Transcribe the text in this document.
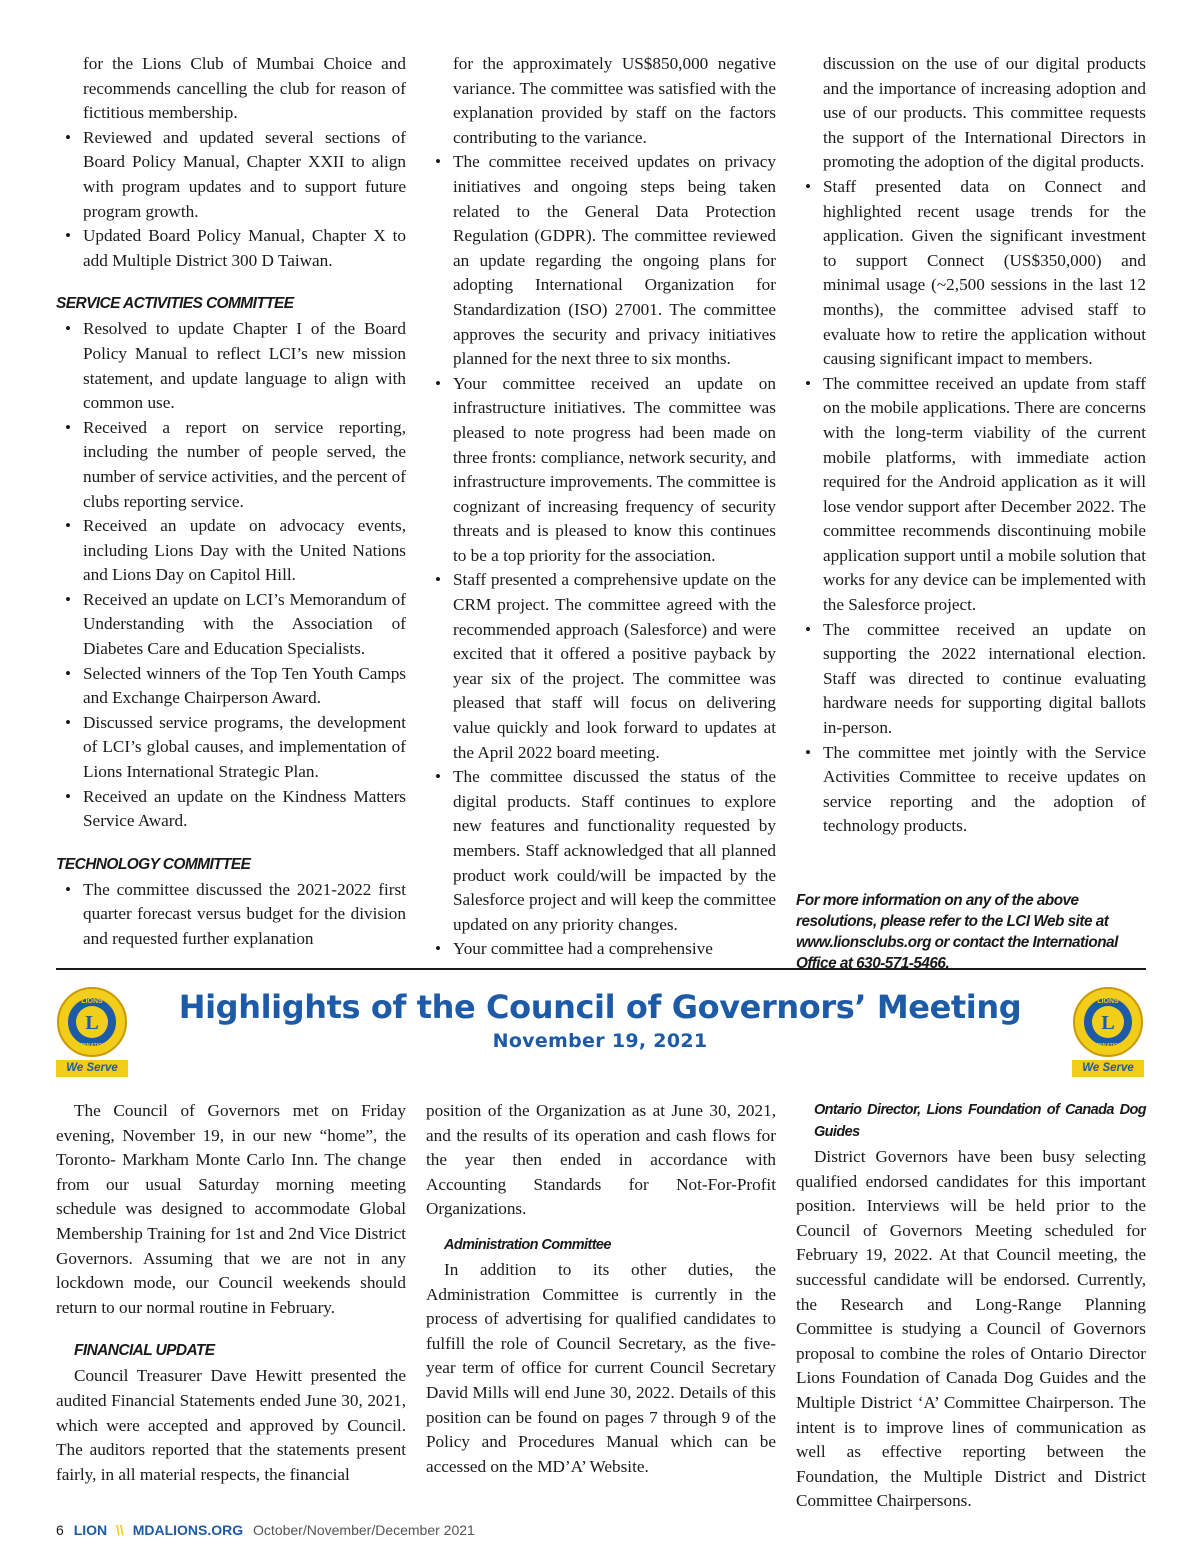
for the Lions Club of Mumbai Choice and recommends cancelling the club for reason of fictitious membership.

• Reviewed and updated several sections of Board Policy Manual, Chapter XXII to align with program updates and to support future program growth.
• Updated Board Policy Manual, Chapter X to add Multiple District 300 D Taiwan.
SERVICE ACTIVITIES COMMITTEE
• Resolved to update Chapter I of the Board Policy Manual to reflect LCI’s new mission statement, and update language to align with common use.
• Received a report on service reporting, including the number of people served, the number of service activities, and the percent of clubs reporting service.
• Received an update on advocacy events, including Lions Day with the United Nations and Lions Day on Capitol Hill.
• Received an update on LCI’s Memorandum of Understanding with the Association of Diabetes Care and Education Specialists.
• Selected winners of the Top Ten Youth Camps and Exchange Chairperson Award.
• Discussed service programs, the development of LCI’s global causes, and implementation of Lions International Strategic Plan.
• Received an update on the Kindness Matters Service Award.
TECHNOLOGY COMMITTEE
• The committee discussed the 2021-2022 first quarter forecast versus budget for the division and requested further explanation

for the approximately US$850,000 negative variance. The committee was satisfied with the explanation provided by staff on the factors contributing to the variance.

• The committee received updates on privacy initiatives and ongoing steps being taken related to the General Data Protection Regulation (GDPR). The committee reviewed an update regarding the ongoing plans for adopting International Organization for Standardization (ISO) 27001. The committee approves the security and privacy initiatives planned for the next three to six months.
• Your committee received an update on infrastructure initiatives. The committee was pleased to note progress had been made on three fronts: compliance, network security, and infrastructure improvements. The committee is cognizant of increasing frequency of security threats and is pleased to know this continues to be a top priority for the association.
• Staff presented a comprehensive update on the CRM project. The committee agreed with the recommended approach (Salesforce) and were excited that it offered a positive payback by year six of the project. The committee was pleased that staff will focus on delivering value quickly and look forward to updates at the April 2022 board meeting.
• The committee discussed the status of the digital products. Staff continues to explore new features and functionality requested by members. Staff acknowledged that all planned product work could/will be impacted by the Salesforce project and will keep the committee updated on any priority changes.
• Your committee had a comprehensive

discussion on the use of our digital products and the importance of increasing adoption and use of our products. This committee requests the support of the International Directors in promoting the adoption of the digital products.

• Staff presented data on Connect and highlighted recent usage trends for the application. Given the significant investment to support Connect (US$350,000) and minimal usage (~2,500 sessions in the last 12 months), the committee advised staff to evaluate how to retire the application without causing significant impact to members.
• The committee received an update from staff on the mobile applications. There are concerns with the long-term viability of the current mobile platforms, with immediate action required for the Android application as it will lose vendor support after December 2022. The committee recommends discontinuing mobile application support until a mobile solution that works for any device can be implemented with the Salesforce project.
• The committee received an update on supporting the 2022 international election. Staff was directed to continue evaluating hardware needs for supporting digital ballots in-person.
• The committee met jointly with the Service Activities Committee to receive updates on service reporting and the adoption of technology products.
For more information on any of the above resolutions, please refer to the LCI Web site at www.lionsclubs.org or contact the International Office at 630-571-5466.
L
LIONS
INTERNATIONAL
We Serve
Highlights of the Council of Governors’ Meeting
November 19, 2021
L
LIONS
INTERNATIONAL
We Serve

The Council of Governors met on Friday evening, November 19, in our new “home”, the Toronto- Markham Monte Carlo Inn. The change from our usual Saturday morning meeting schedule was designed to accommodate Global Membership Training for 1st and 2nd Vice District Governors. Assuming that we are not in any lockdown mode, our Council weekends should return to our normal routine in February.

FINANCIAL UPDATE

Council Treasurer Dave Hewitt presented the audited Financial Statements ended June 30, 2021, which were accepted and approved by Council. The auditors reported that the statements present fairly, in all material respects, the financial

position of the Organization as at June 30, 2021, and the results of its operation and cash flows for the year then ended in accordance with Accounting Standards for Not-For-Profit Organizations.

Administration Committee

In addition to its other duties, the Administration Committee is currently in the process of advertising for qualified candidates to fulfill the role of Council Secretary, as the five-year term of office for current Council Secretary David Mills will end June 30, 2022. Details of this position can be found on pages 7 through 9 of the Policy and Procedures Manual which can be accessed on the MD’A’ Website.

Ontario Director, Lions Foundation of Canada Dog Guides

District Governors have been busy selecting qualified endorsed candidates for this important position. Interviews will be held prior to the Council of Governors Meeting scheduled for February 19, 2022. At that Council meeting, the successful candidate will be endorsed. Currently, the Research and Long-Range Planning Committee is studying a Council of Governors proposal to combine the roles of Ontario Director Lions Foundation of Canada Dog Guides and the Multiple District ‘A’ Committee Chairperson. The intent is to improve lines of communication as well as effective reporting between the Foundation, the Multiple District and District Committee Chairpersons.

6 LION \\ MDALIONS.ORG October/November/December 2021
